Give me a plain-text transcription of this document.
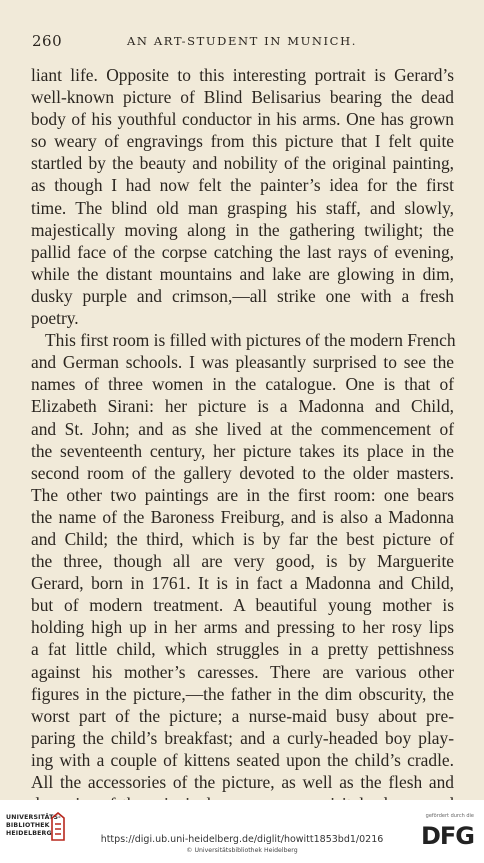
260	AN ART-STUDENT IN MUNICH.
liant life. Opposite to this interesting portrait is Gerard’s
well-known picture of Blind Belisarius bearing the dead
body of his youthful conductor in his arms. One has grown
so weary of engravings from this picture that I felt quite
startled by the beauty and nobility of the original painting,
as though I had now felt the painter’s idea for the first
time. The blind old man grasping his staff, and slowly,
majestically moving along in the gathering twilight; the
pallid face of the corpse catching the last rays of evening,
while the distant mountains and lake are glowing in dim,
dusky purple and crimson,—all strike one with a fresh
poetry.
This first room is filled with pictures of the modern French
and German schools. I was pleasantly surprised to see the
names of three women in the catalogue. One is that of
Elizabeth Sirani: her picture is a Madonna and Child,
and St. John; and as she lived at the commencement of
the seventeenth century, her picture takes its place in the
second room of the gallery devoted to the older masters.
The other two paintings are in the first room: one bears
the name of the Baroness Freiburg, and is also a Madonna
and Child; the third, which is by far the best picture of
the three, though all are very good, is by Marguerite
Gerard, born in 1761. It is in fact a Madonna and Child,
but of modern treatment. A beautiful young mother is
holding high up in her arms and pressing to her rosy lips
a fat little child, which struggles in a pretty pettishness
against his mother’s caresses. There are various other
figures in the picture,—the father in the dim obscurity, the
worst part of the picture; a nurse-maid busy about pre-
paring the child’s breakfast; and a curly-headed boy play-
ing with a couple of kittens seated upon the child’s cradle.
All the accessories of the picture, as well as the flesh and
UNIVERSITÄTS-
BIBLIOTHEK
HEIDELBERG
https://digi.ub.uni-heidelberg.de/diglit/howitt1853bd1/0216
© Universitätsbibliothek Heidelberg
gefördert durch die
DFG
